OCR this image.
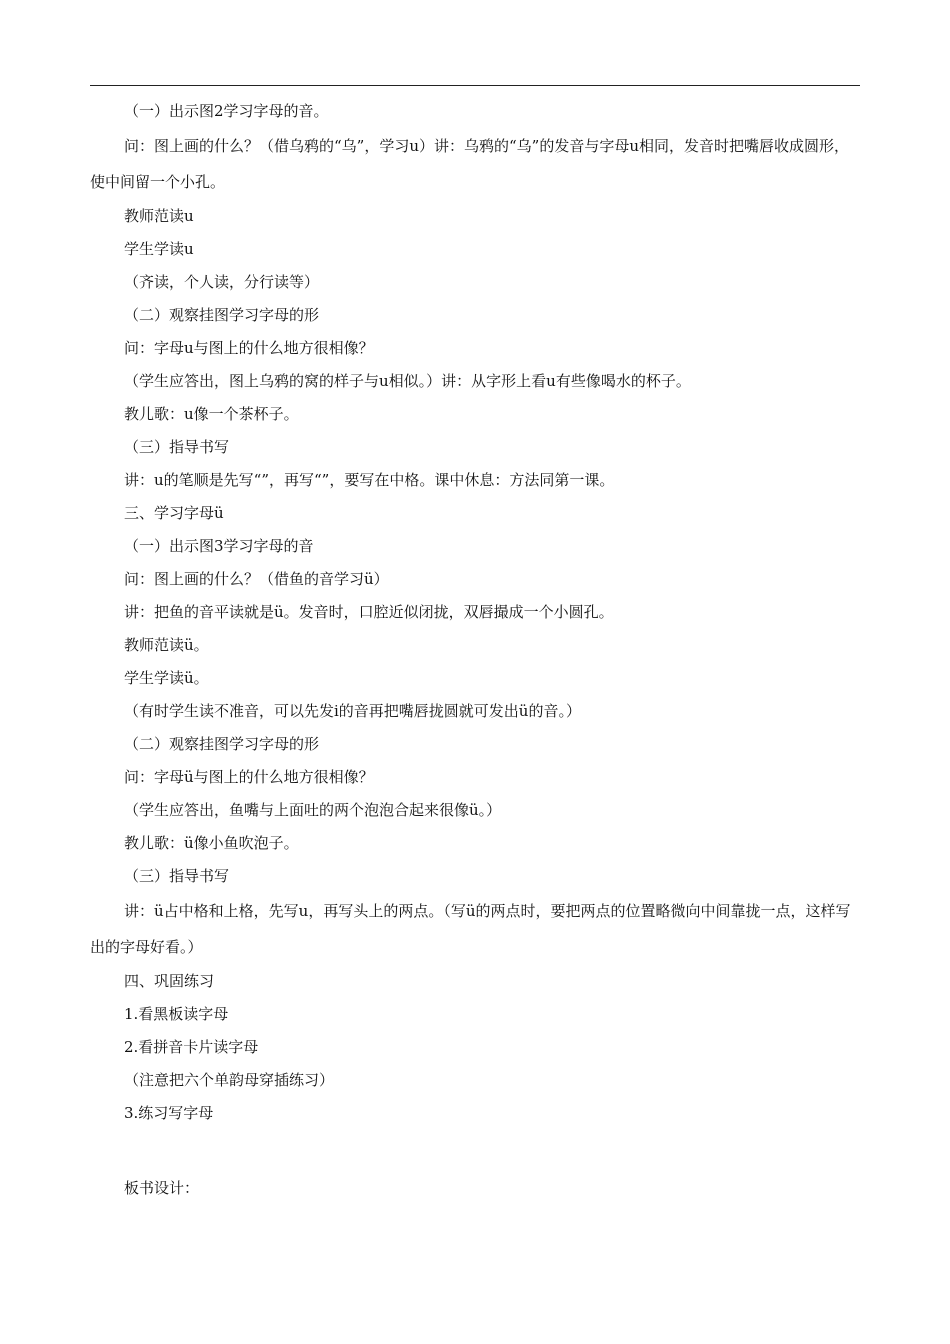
（一）出示图2学习字母的音。

问：图上画的什么？（借乌鸦的“乌”，学习u）讲：乌鸦的“乌”的发音与字母u相同，发音时把嘴唇收成圆形，使中间留一个小孔。

教师范读u

学生学读u

（齐读，个人读，分行读等）

（二）观察挂图学习字母的形

问：字母u与图上的什么地方很相像？

（学生应答出，图上乌鸦的窝的样子与u相似。）讲：从字形上看u有些像喝水的杯子。

教儿歌：u像一个茶杯子。

（三）指导书写

讲：u的笔顺是先写“”，再写“”，要写在中格。课中休息：方法同第一课。

三、学习字母ü

（一）出示图3学习字母的音

问：图上画的什么？（借鱼的音学习ü）

讲：把鱼的音平读就是ü。发音时，口腔近似闭拢，双唇撮成一个小圆孔。

教师范读ü。

学生学读ü。

（有时学生读不准音，可以先发i的音再把嘴唇拢圆就可发出ü的音。）

（二）观察挂图学习字母的形

问：字母ü与图上的什么地方很相像？

（学生应答出，鱼嘴与上面吐的两个泡泡合起来很像ü。）

教儿歌：ü像小鱼吹泡子。

（三）指导书写

讲：ü占中格和上格，先写u，再写头上的两点。（写ü的两点时，要把两点的位置略微向中间靠拢一点，这样写出的字母好看。）

四、巩固练习

1.看黑板读字母

2.看拼音卡片读字母

（注意把六个单韵母穿插练习）

3.练习写字母

板书设计：
